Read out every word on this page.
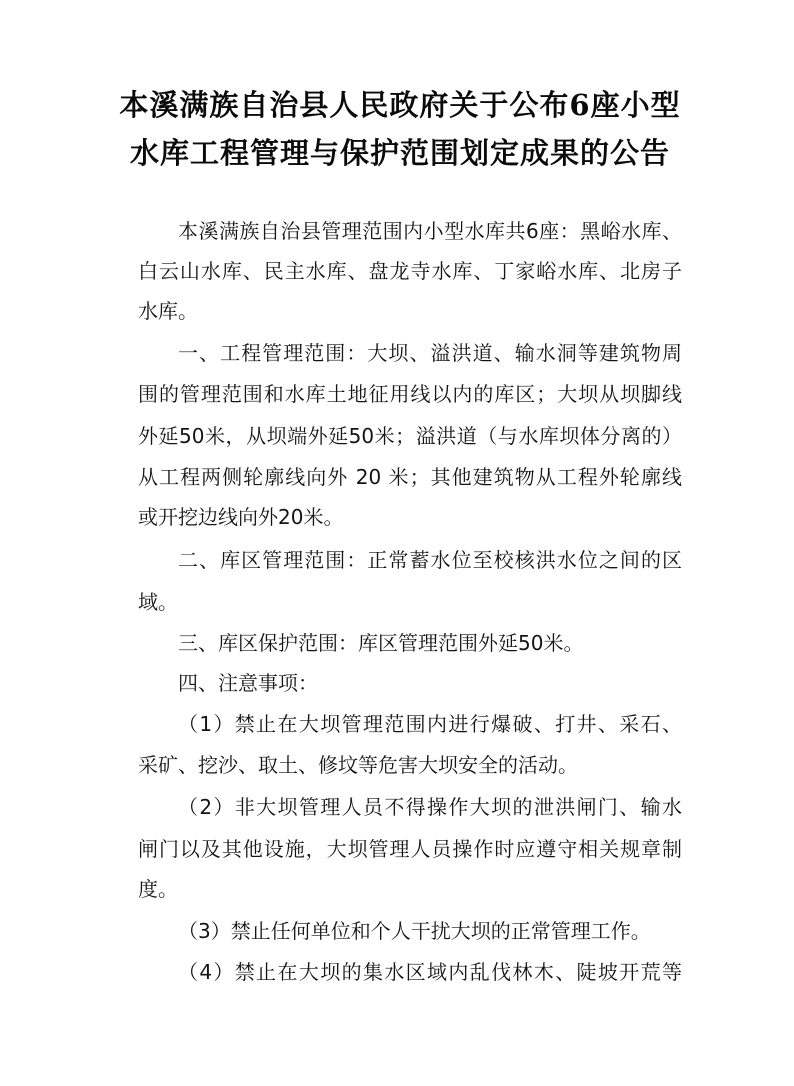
本溪满族自治县人民政府关于公布6座小型
水库工程管理与保护范围划定成果的公告
本溪满族自治县管理范围内小型水库共6座：黑峪水库、
白云山水库、民主水库、盘龙寺水库、丁家峪水库、北房子
水库。
一、工程管理范围：大坝、溢洪道、输水洞等建筑物周
围的管理范围和水库土地征用线以内的库区；大坝从坝脚线
外延50米，从坝端外延50米；溢洪道（与水库坝体分离的）
从工程两侧轮廓线向外 20 米；其他建筑物从工程外轮廓线
或开挖边线向外20米。
二、库区管理范围：正常蓄水位至校核洪水位之间的区
域。
三、库区保护范围：库区管理范围外延50米。
四、注意事项：
（1）禁止在大坝管理范围内进行爆破、打井、采石、
采矿、挖沙、取土、修坟等危害大坝安全的活动。
（2）非大坝管理人员不得操作大坝的泄洪闸门、输水
闸门以及其他设施，大坝管理人员操作时应遵守相关规章制
度。
（3）禁止任何单位和个人干扰大坝的正常管理工作。
（4）禁止在大坝的集水区域内乱伐林木、陡坡开荒等
